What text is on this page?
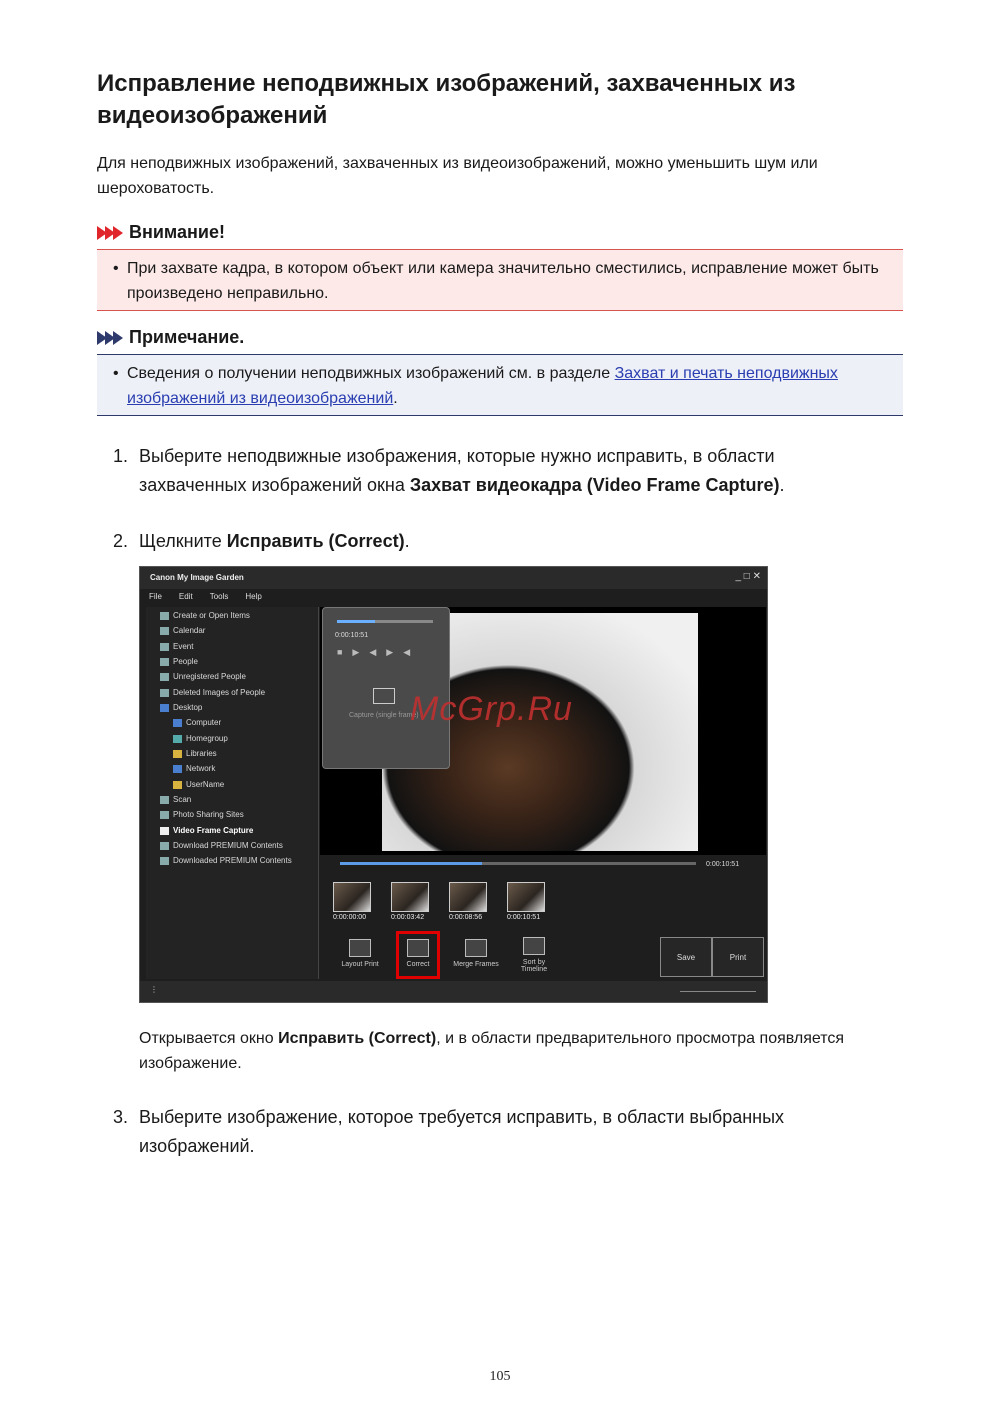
Исправление неподвижных изображений, захваченных из видеоизображений
Для неподвижных изображений, захваченных из видеоизображений, можно уменьшить шум или шероховатость.
Внимание!
• При захвате кадра, в котором объект или камера значительно сместились, исправление может быть произведено неправильно.
Примечание.
• Сведения о получении неподвижных изображений см. в разделе Захват и печать неподвижных изображений из видеоизображений.
1. Выберите неподвижные изображения, которые нужно исправить, в области захваченных изображений окна Захват видеокадра (Video Frame Capture).
2. Щелкните Исправить (Correct).
Canon My Image Garden	_ □ ✕
File Edit Tools Help
Create or Open Items
Calendar
Event
People
Unregistered People
Deleted Images of People
Desktop
Computer
Homegroup
Libraries
Network
UserName
Scan
Photo Sharing Sites
Video Frame Capture
Download PREMIUM Contents
Downloaded PREMIUM Contents
0:00:10:51
■▶◀▶◀
Capture (single frame)
0:00:10:51
0:00:00:00	0:00:03:42	0:00:08:56	0:00:10:51
Layout Print	Correct	Merge Frames	Sort by Timeline
Save	Print
⋮
Открывается окно Исправить (Correct), и в области предварительного просмотра появляется изображение.
3. Выберите изображение, которое требуется исправить, в области выбранных изображений.
McGrp.Ru
105
